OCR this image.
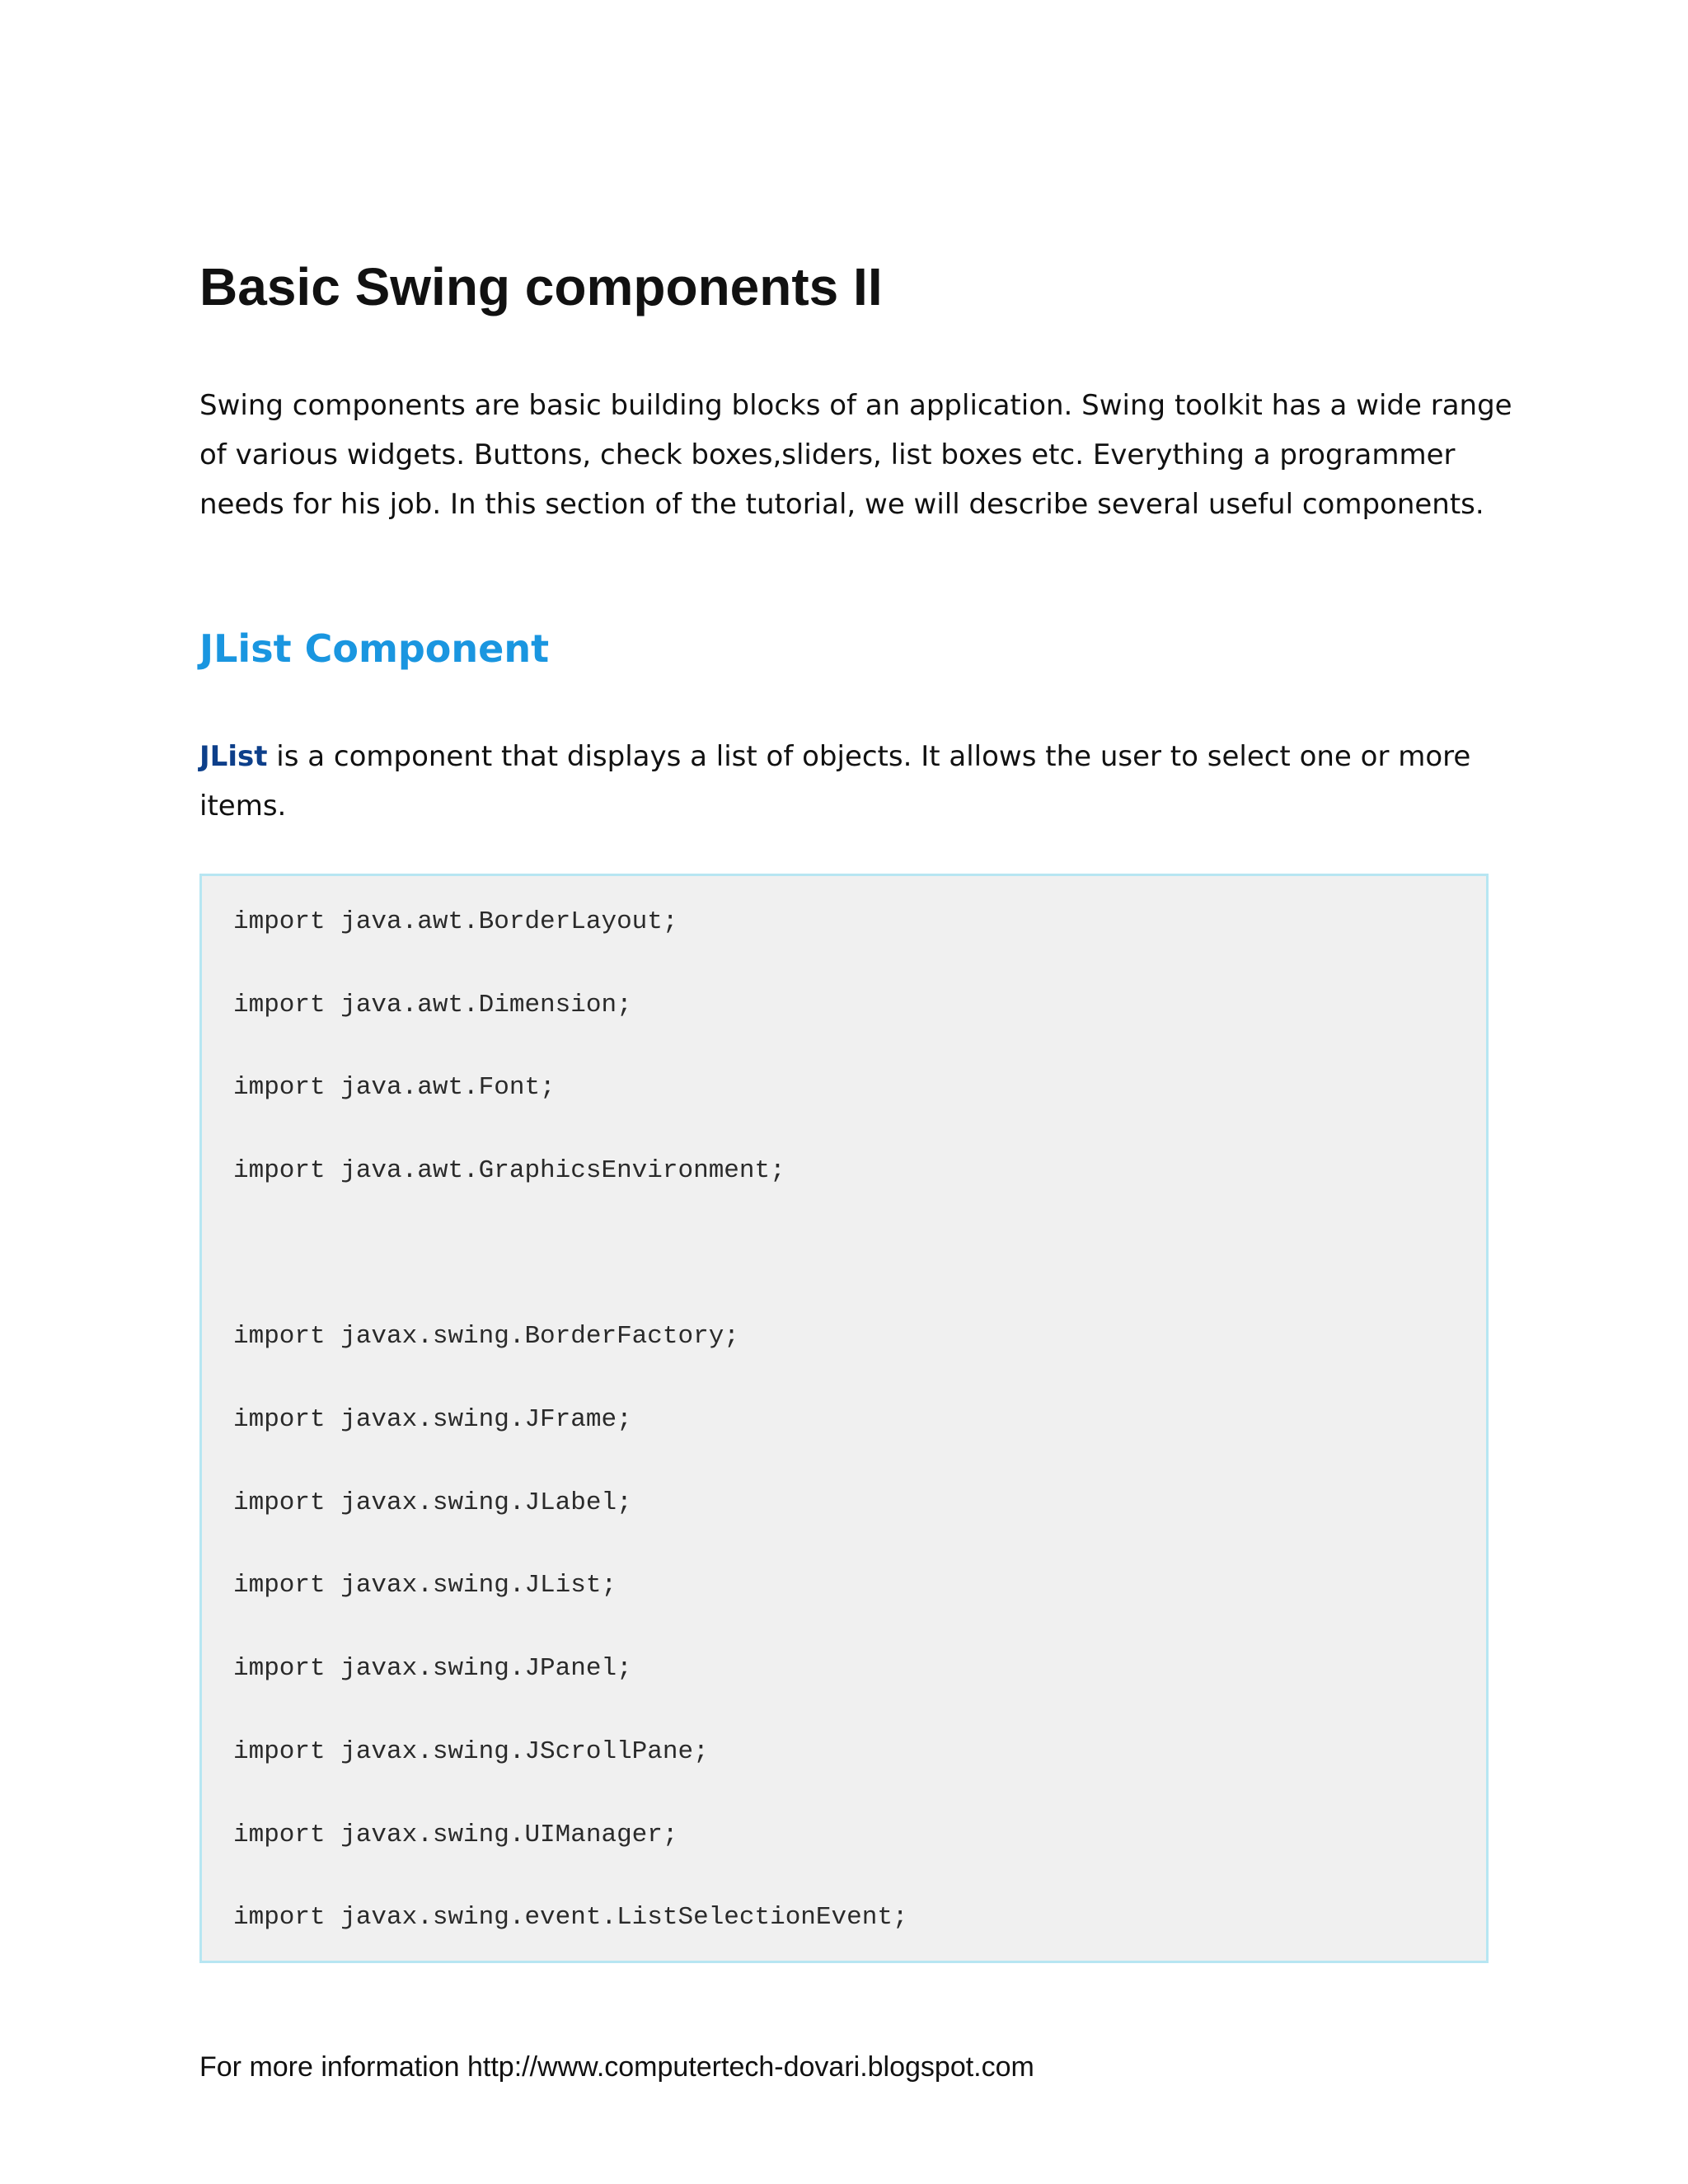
Basic Swing components II

Swing components are basic building blocks of an application. Swing toolkit has a wide range of various widgets. Buttons, check boxes,sliders, list boxes etc. Everything a programmer needs for his job. In this section of the tutorial, we will describe several useful components.

JList Component

JList is a component that displays a list of objects. It allows the user to select one or more items.

import java.awt.BorderLayout;
import java.awt.Dimension;
import java.awt.Font;
import java.awt.GraphicsEnvironment;
import javax.swing.BorderFactory;
import javax.swing.JFrame;
import javax.swing.JLabel;
import javax.swing.JList;
import javax.swing.JPanel;
import javax.swing.JScrollPane;
import javax.swing.UIManager;
import javax.swing.event.ListSelectionEvent;

For more information http://www.computertech-dovari.blogspot.com
